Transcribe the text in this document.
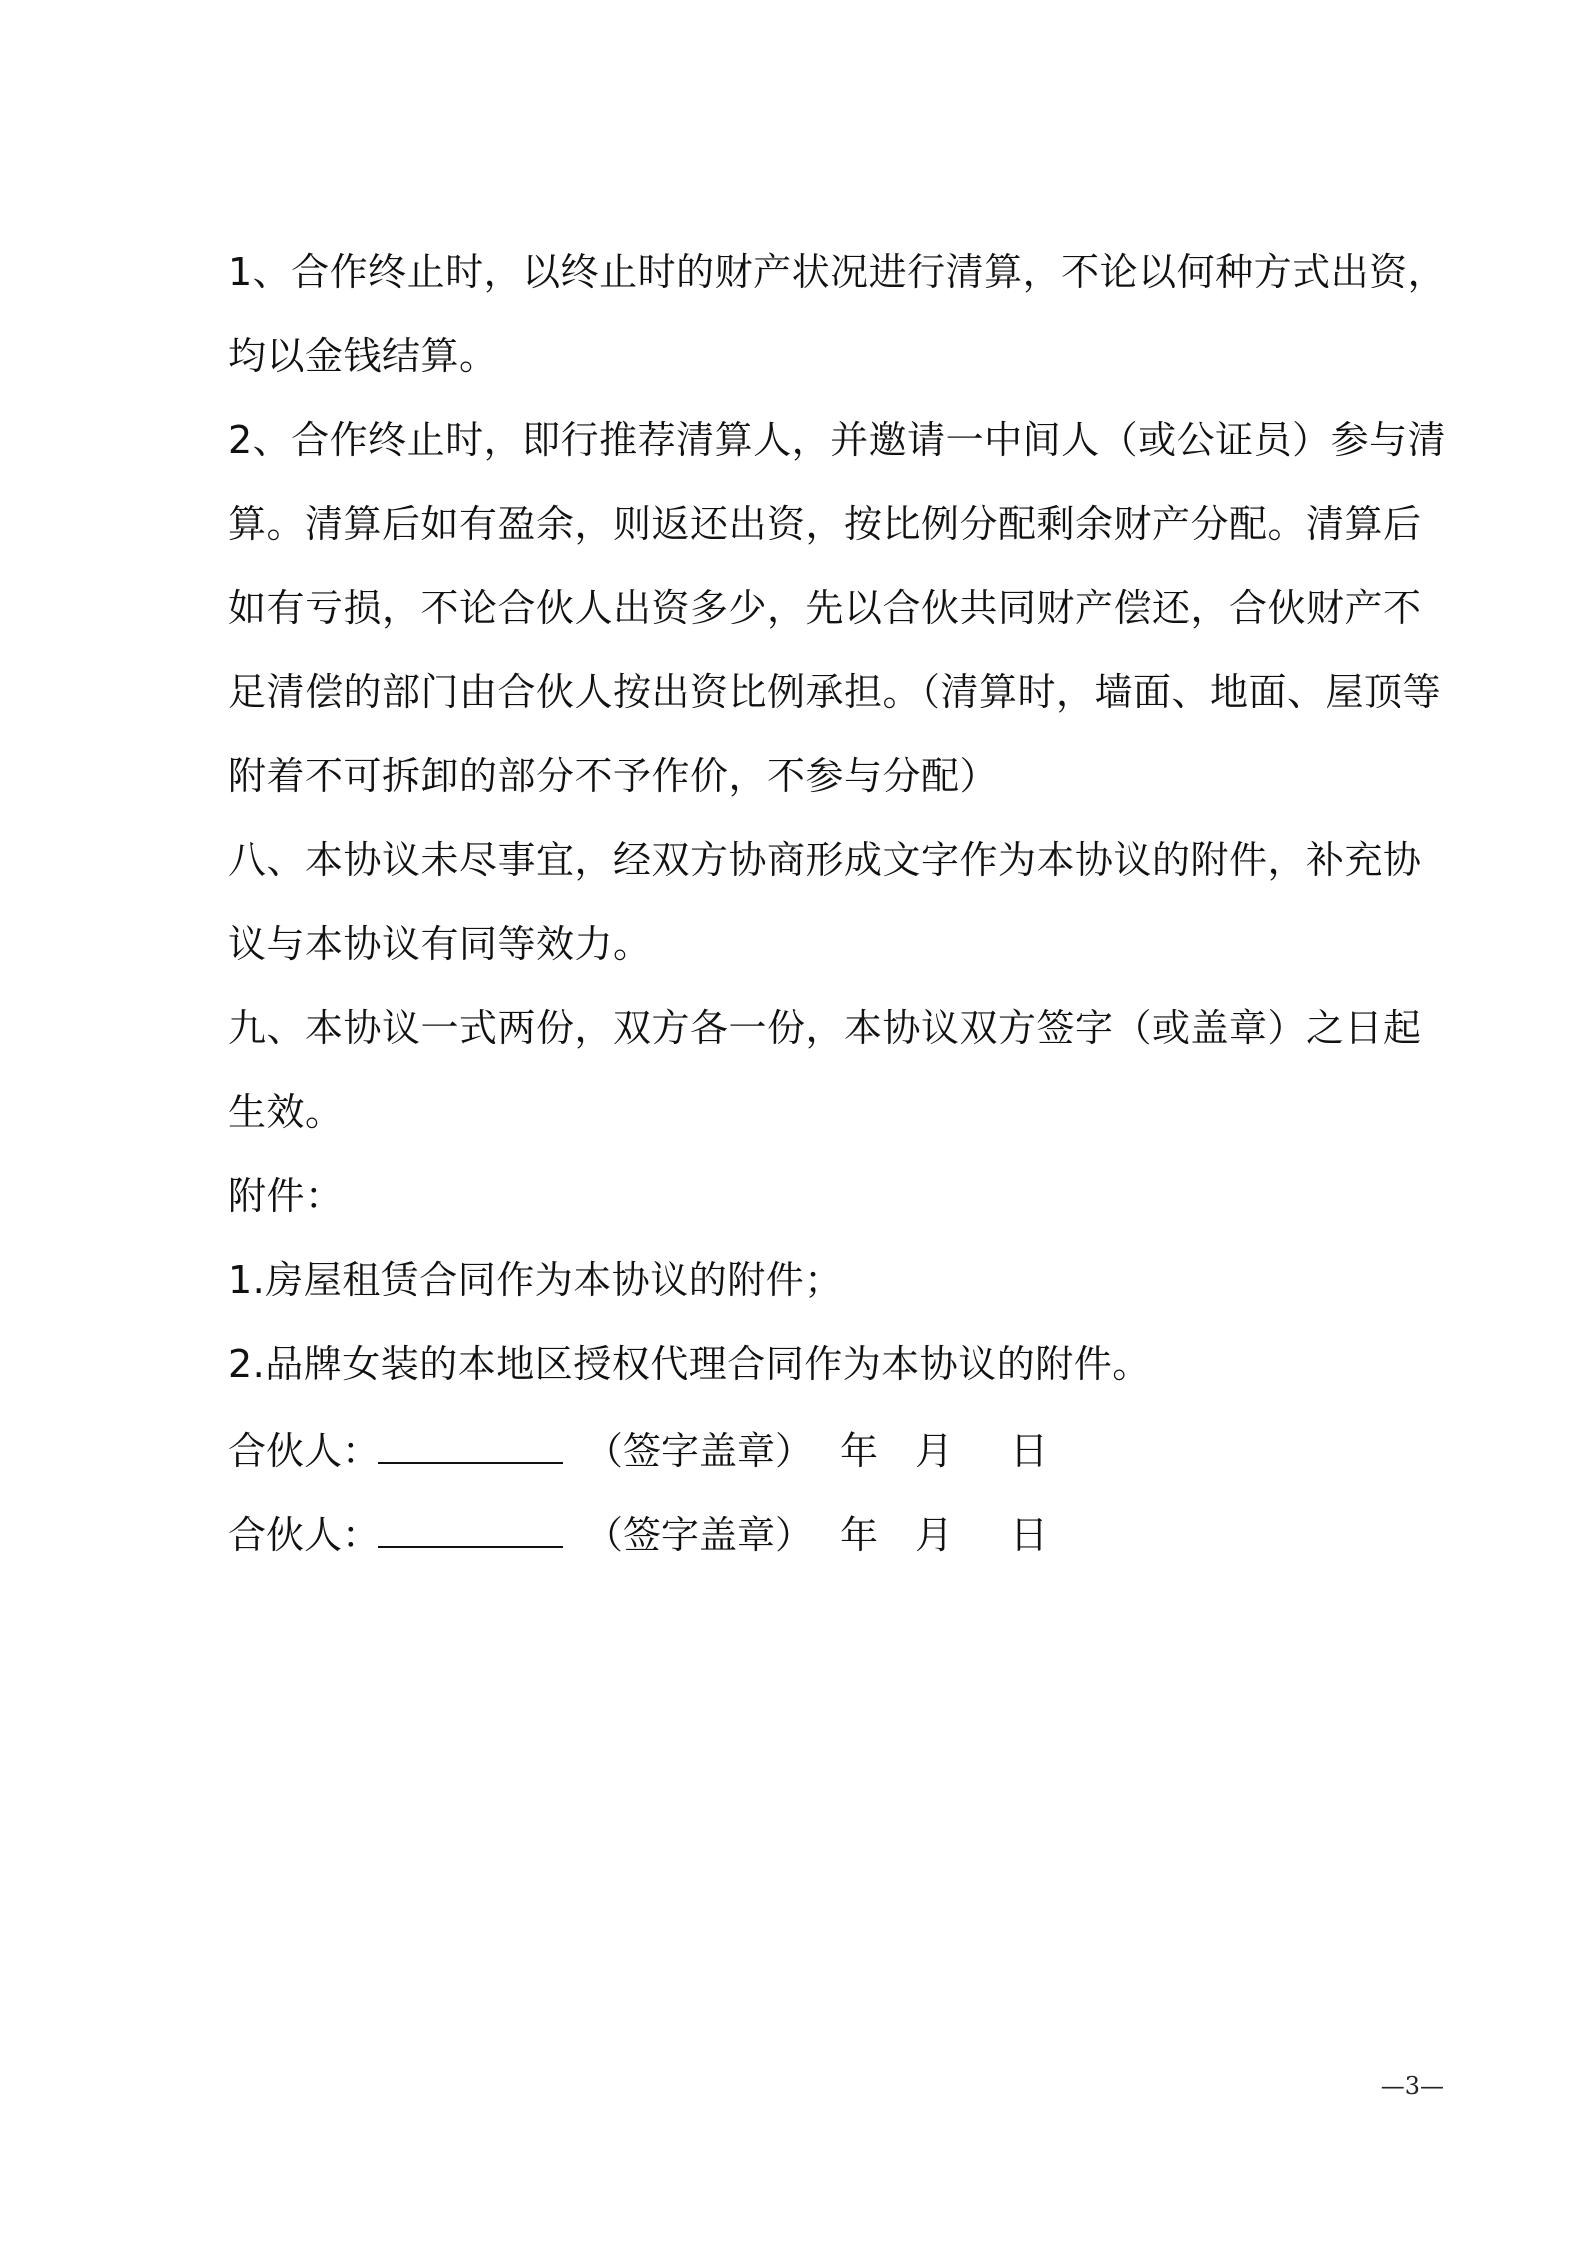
1、合作终止时，以终止时的财产状况进行清算，不论以何种方式出资，
均以金钱结算。
2、合作终止时，即行推荐清算人，并邀请一中间人（或公证员）参与清
算。清算后如有盈余，则返还出资，按比例分配剩余财产分配。清算后
如有亏损，不论合伙人出资多少，先以合伙共同财产偿还，合伙财产不
足清偿的部门由合伙人按出资比例承担。（清算时，墙面、地面、屋顶等
附着不可拆卸的部分不予作价，不参与分配）
八、本协议未尽事宜，经双方协商形成文字作为本协议的附件，补充协
议与本协议有同等效力。
九、本协议一式两份，双方各一份，本协议双方签字（或盖章）之日起
生效。
附件：
1.房屋租赁合同作为本协议的附件；
2.品牌女装的本地区授权代理合同作为本协议的附件。
合伙人：	（签字盖章） 年 月	日
合伙人：	（签字盖章） 年 月	日
—3—
